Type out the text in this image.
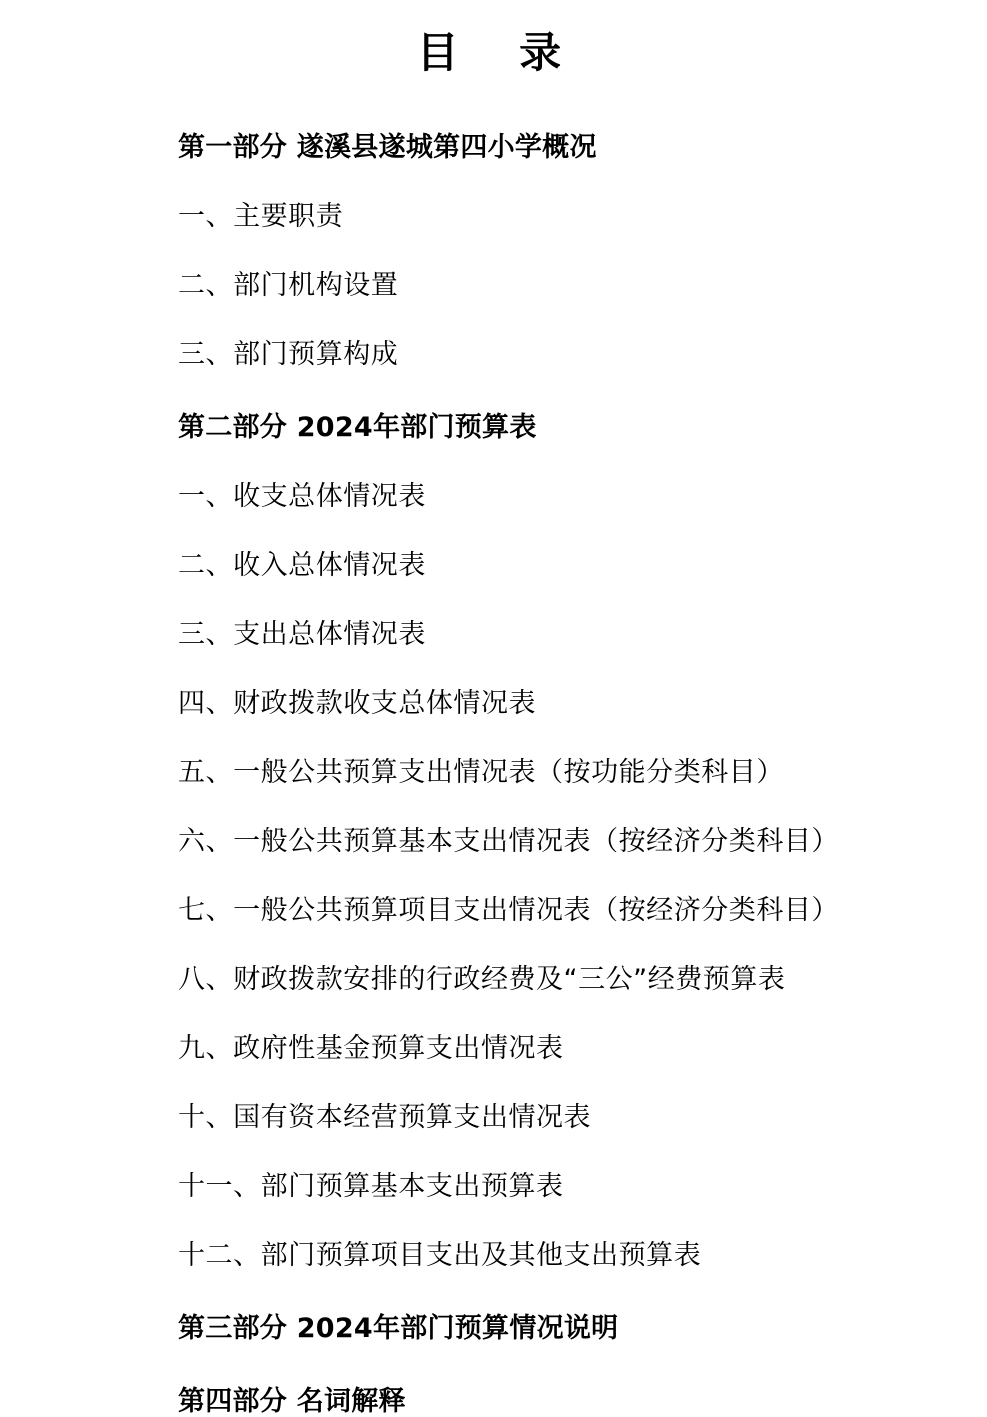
目　录
第一部分 遂溪县遂城第四小学概况
一、主要职责
二、部门机构设置
三、部门预算构成
第二部分 2024年部门预算表
一、收支总体情况表
二、收入总体情况表
三、支出总体情况表
四、财政拨款收支总体情况表
五、一般公共预算支出情况表（按功能分类科目）
六、一般公共预算基本支出情况表（按经济分类科目）
七、一般公共预算项目支出情况表（按经济分类科目）
八、财政拨款安排的行政经费及“三公”经费预算表
九、政府性基金预算支出情况表
十、国有资本经营预算支出情况表
十一、部门预算基本支出预算表
十二、部门预算项目支出及其他支出预算表
第三部分 2024年部门预算情况说明
第四部分 名词解释
